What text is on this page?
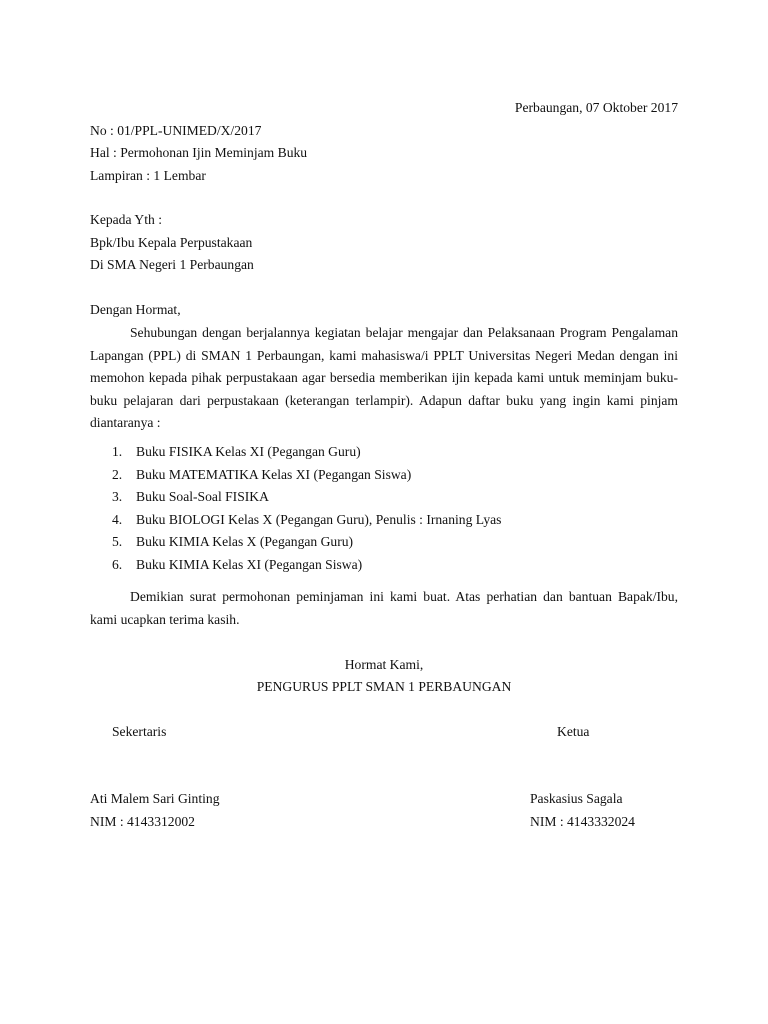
Perbaungan, 07 Oktober 2017
No : 01/PPL-UNIMED/X/2017
Hal : Permohonan Ijin Meminjam Buku
Lampiran : 1 Lembar
Kepada Yth :
Bpk/Ibu Kepala Perpustakaan
Di SMA Negeri 1 Perbaungan
Dengan Hormat,
Sehubungan dengan berjalannya kegiatan belajar mengajar dan Pelaksanaan Program Pengalaman Lapangan (PPL) di SMAN 1 Perbaungan, kami mahasiswa/i PPLT Universitas Negeri Medan dengan ini memohon kepada pihak perpustakaan agar bersedia memberikan ijin kepada kami untuk meminjam buku-buku pelajaran dari perpustakaan (keterangan terlampir). Adapun daftar buku yang ingin kami pinjam diantaranya :
1.	Buku FISIKA Kelas XI (Pegangan Guru)
2.	Buku MATEMATIKA Kelas XI (Pegangan Siswa)
3.	Buku Soal-Soal FISIKA
4.	Buku BIOLOGI Kelas X (Pegangan Guru), Penulis : Irnaning Lyas
5.	Buku KIMIA Kelas X (Pegangan Guru)
6.	Buku KIMIA Kelas XI (Pegangan Siswa)
Demikian surat permohonan peminjaman ini kami buat. Atas perhatian dan bantuan Bapak/Ibu, kami ucapkan terima kasih.
Hormat Kami,
PENGURUS PPLT SMAN 1 PERBAUNGAN
Sekertaris	Ketua
Ati Malem Sari Ginting
NIM : 4143312002
Paskasius Sagala
NIM : 4143332024
